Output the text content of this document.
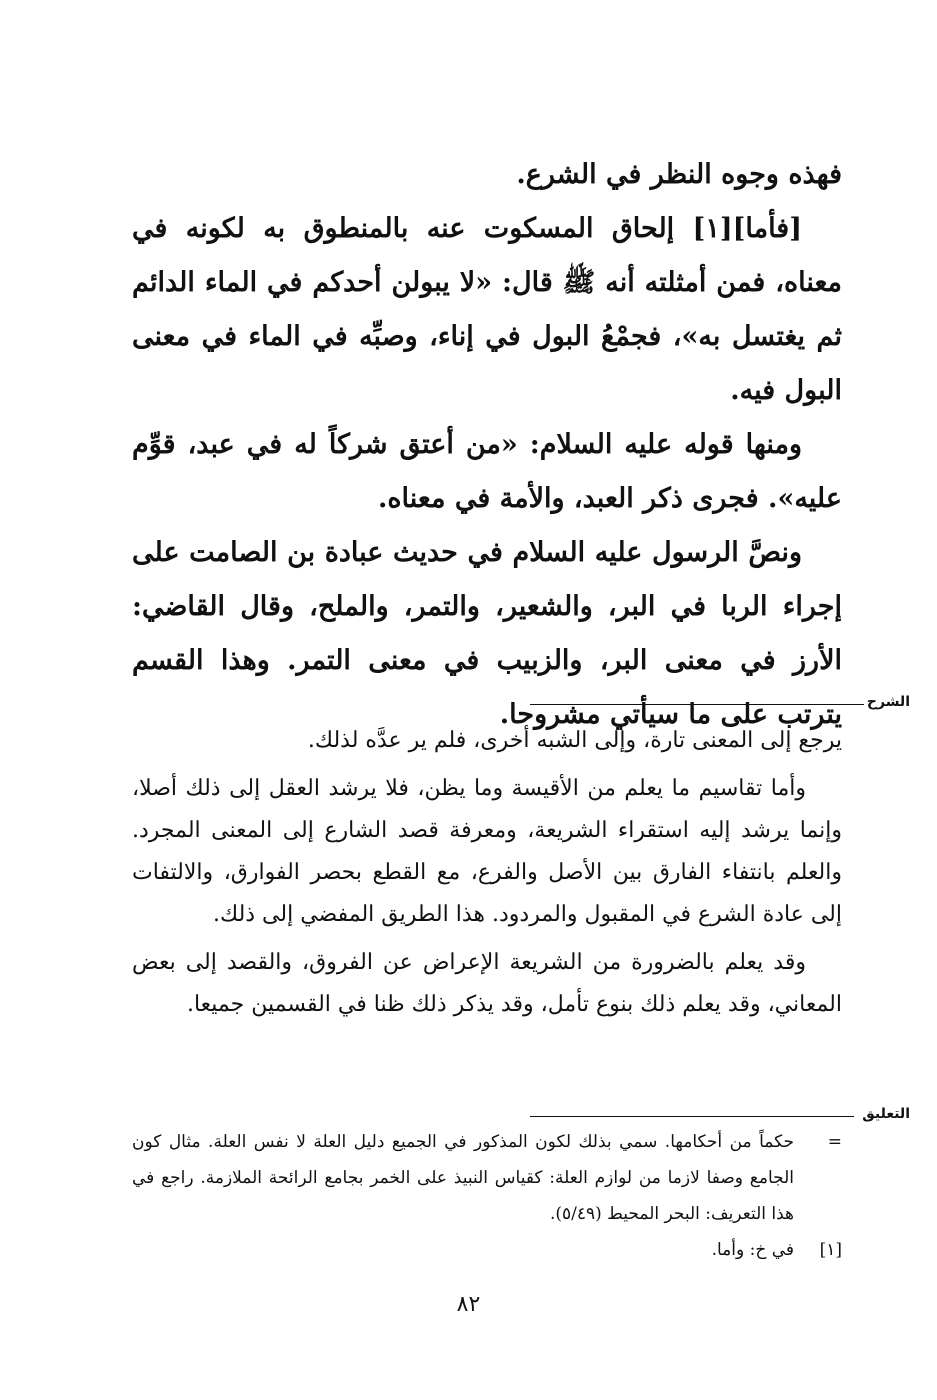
فهذه وجوه النظر في الشرع.

[فأما][١] إلحاق المسكوت عنه بالمنطوق به لكونه في معناه، فمن أمثلته أنه ﷺ قال: «لا يبولن أحدكم في الماء الدائم ثم يغتسل به»، فجمْعُ البول في إناء، وصبِّه في الماء في معنى البول فيه.

ومنها قوله عليه السلام: «من أعتق شركاً له في عبد، قوِّم عليه». فجرى ذكر العبد، والأمة في معناه.

ونصَّ الرسول عليه السلام في حديث عبادة بن الصامت على إجراء الربا في البر، والشعير، والتمر، والملح، وقال القاضي: الأرز في معنى البر، والزبيب في معنى التمر. وهذا القسم يترتب على ما سيأتي مشروحا. الشرح

يرجع إلى المعنى تارة، وإلى الشبه أخرى، فلم ير عدَّه لذلك.

وأما تقاسيم ما يعلم من الأقيسة وما يظن، فلا يرشد العقل إلى ذلك أصلا، وإنما يرشد إليه استقراء الشريعة، ومعرفة قصد الشارع إلى المعنى المجرد. والعلم بانتفاء الفارق بين الأصل والفرع، مع القطع بحصر الفوارق، والالتفات إلى عادة الشرع في المقبول والمردود. هذا الطريق المفضي إلى ذلك.

وقد يعلم بالضرورة من الشريعة الإعراض عن الفروق، والقصد إلى بعض المعاني، وقد يعلم ذلك بنوع تأمل، وقد يذكر ذلك ظنا في القسمين جميعا.

التعليق
=
حكماً من أحكامها. سمي بذلك لكون المذكور في الجميع دليل العلة لا نفس العلة. مثال كون الجامع وصفا لازما من لوازم العلة: كقياس النبيذ على الخمر بجامع الرائحة الملازمة. راجع في هذا التعريف: البحر المحيط (٥/٤٩).
[١]
في خ: وأما.
٨٢
